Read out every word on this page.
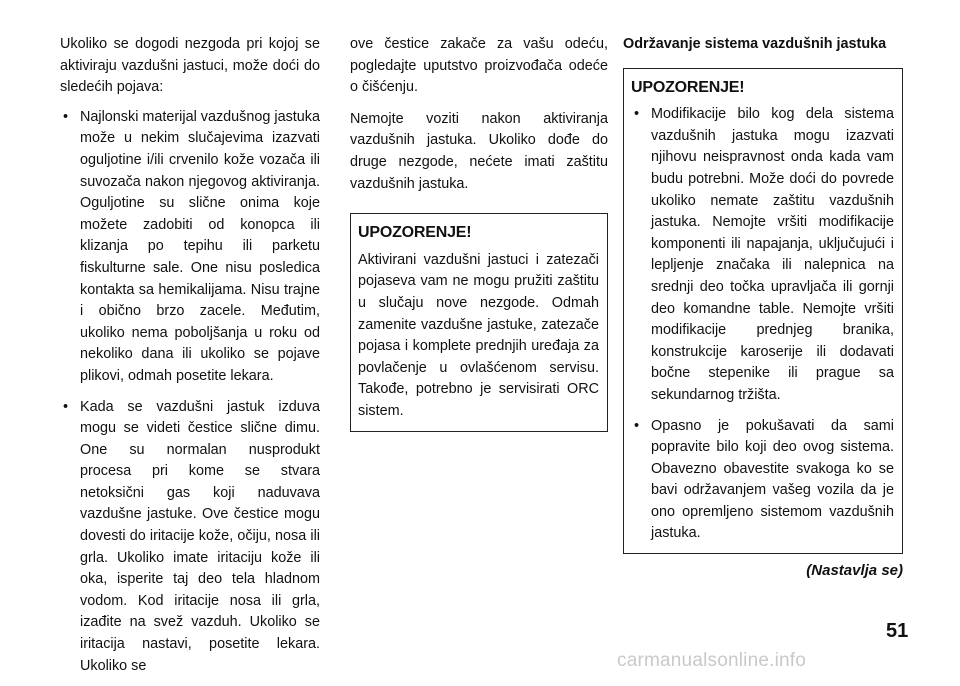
Ukoliko se dogodi nezgoda pri kojoj se aktiviraju vazdušni jastuci, može doći do sledećih pojava:

• Najlonski materijal vazdušnog jastuka može u nekim slučajevima izazvati oguljotine i/ili crvenilo kože vozača ili suvozača nakon njegovog aktiviranja. Oguljotine su slične onima koje možete zadobiti od konopca ili klizanja po tepihu ili parketu fiskulturne sale. One nisu posledica kontakta sa hemikalijama. Nisu trajne i obično brzo zacele. Međutim, ukoliko nema poboljšanja u roku od nekoliko dana ili ukoliko se pojave plikovi, odmah posetite lekara.
• Kada se vazdušni jastuk izduva mogu se videti čestice slične dimu. One su normalan nusprodukt procesa pri kome se stvara netoksični gas koji naduvava vazdušne jastuke. Ove čestice mogu dovesti do iritacije kože, očiju, nosa ili grla. Ukoliko imate iritaciju kože ili oka, isperite taj deo tela hladnom vodom. Kod iritacije nosa ili grla, izađite na svež vazduh. Ukoliko se iritacija nastavi, posetite lekara. Ukoliko se

ove čestice zakače za vašu odeću, pogledajte uputstvo proizvođača odeće o čišćenju.

Nemojte voziti nakon aktiviranja vazdušnih jastuka. Ukoliko dođe do druge nezgode, nećete imati zaštitu vazdušnih jastuka.

UPOZORENJE!

Aktivirani vazdušni jastuci i zatezači pojaseva vam ne mogu pružiti zaštitu u slučaju nove nezgode. Odmah zamenite vazdušne jastuke, zatezače pojasa i komplete prednjih uređaja za povlačenje u ovlašćenom servisu. Takođe, potrebno je servisirati ORC sistem.

Održavanje sistema vazdušnih jastuka
UPOZORENJE!
• Modifikacije bilo kog dela sistema vazdušnih jastuka mogu izazvati njihovu neispravnost onda kada vam budu potrebni. Može doći do povrede ukoliko nemate zaštitu vazdušnih jastuka. Nemojte vršiti modifikacije komponenti ili napajanja, uključujući i lepljenje značaka ili nalepnica na srednji deo točka upravljača ili gornji deo komandne table. Nemojte vršiti modifikacije prednjeg branika, konstrukcije karoserije ili dodavati bočne stepenike ili prague sa sekundarnog tržišta.
• Opasno je pokušavati da sami popravite bilo koji deo ovog sistema. Obavezno obavestite svakoga ko se bavi održavanjem vašeg vozila da je ono opremljeno sistemom vazdušnih jastuka.
(Nastavlja se)
51
carmanualsonline.info
